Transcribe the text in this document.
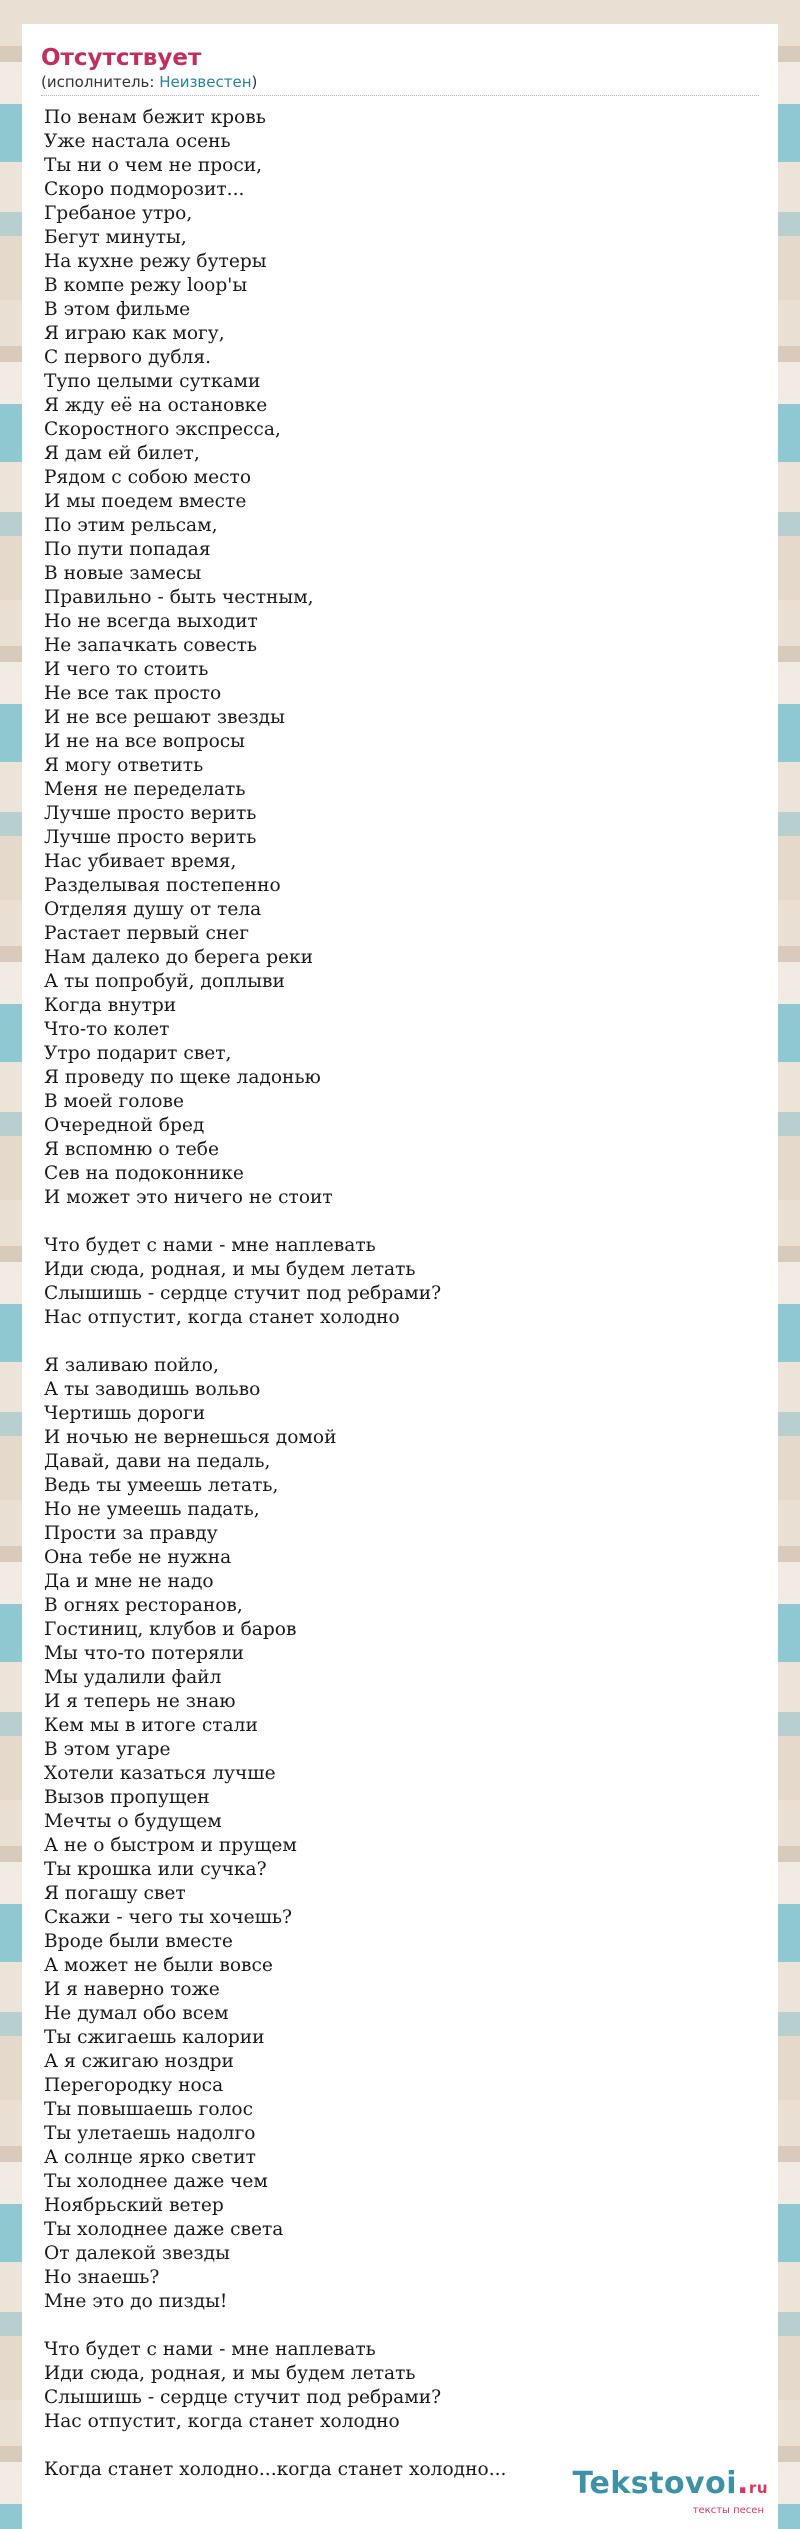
Отсутствует
(исполнитель: Неизвестен)
По венам бежит кровь
Уже настала осень
Ты ни о чем не проси,
Скоро подморозит...
Гребаное утро,
Бегут минуты,
На кухне режу бутеры
В компе режу loop'ы
В этом фильме
Я играю как могу,
С первого дубля.
Тупо целыми сутками
Я жду её на остановке
Скоростного экспресса,
Я дам ей билет,
Рядом с собою место
И мы поедем вместе
По этим рельсам,
По пути попадая
В новые замесы
Правильно - быть честным,
Но не всегда выходит
Не запачкать совесть
И чего то стоить
Не все так просто
И не все решают звезды
И не на все вопросы
Я могу ответить
Меня не переделать
Лучше просто верить
Лучше просто верить
Нас убивает время,
Разделывая постепенно
Отделяя душу от тела
Растает первый снег
Нам далеко до берега реки
А ты попробуй, доплыви
Когда внутри
Что-то колет
Утро подарит свет,
Я проведу по щеке ладонью
В моей голове
Очередной бред
Я вспомню о тебе
Сев на подоконнике
И может это ничего не стоит

Что будет с нами - мне наплевать
Иди сюда, родная, и мы будем летать
Слышишь - сердце стучит под ребрами?
Нас отпустит, когда станет холодно

Я заливаю пойло,
А ты заводишь вольво
Чертишь дороги
И ночью не вернешься домой
Давай, дави на педаль,
Ведь ты умеешь летать,
Но не умеешь падать,
Прости за правду
Она тебе не нужна
Да и мне не надо
В огнях ресторанов,
Гостиниц, клубов и баров
Мы что-то потеряли
Мы удалили файл
И я теперь не знаю
Кем мы в итоге стали
В этом угаре
Хотели казаться лучше
Вызов пропущен
Мечты о будущем
А не о быстром и прущем
Ты крошка или сучка?
Я погашу свет
Скажи - чего ты хочешь?
Вроде были вместе
А может не были вовсе
И я наверно тоже
Не думал обо всем
Ты сжигаешь калории
А я сжигаю ноздри
Перегородку носа
Ты повышаешь голос
Ты улетаешь надолго
А солнце ярко светит
Ты холоднее даже чем
Ноябрьский ветер
Ты холоднее даже света
От далекой звезды
Но знаешь?
Мне это до пизды!

Что будет с нами - мне наплевать
Иди сюда, родная, и мы будем летать
Слышишь - сердце стучит под ребрами?
Нас отпустит, когда станет холодно

Когда станет холодно...когда станет холодно...	Tekstovoi.ru
тексты песен
